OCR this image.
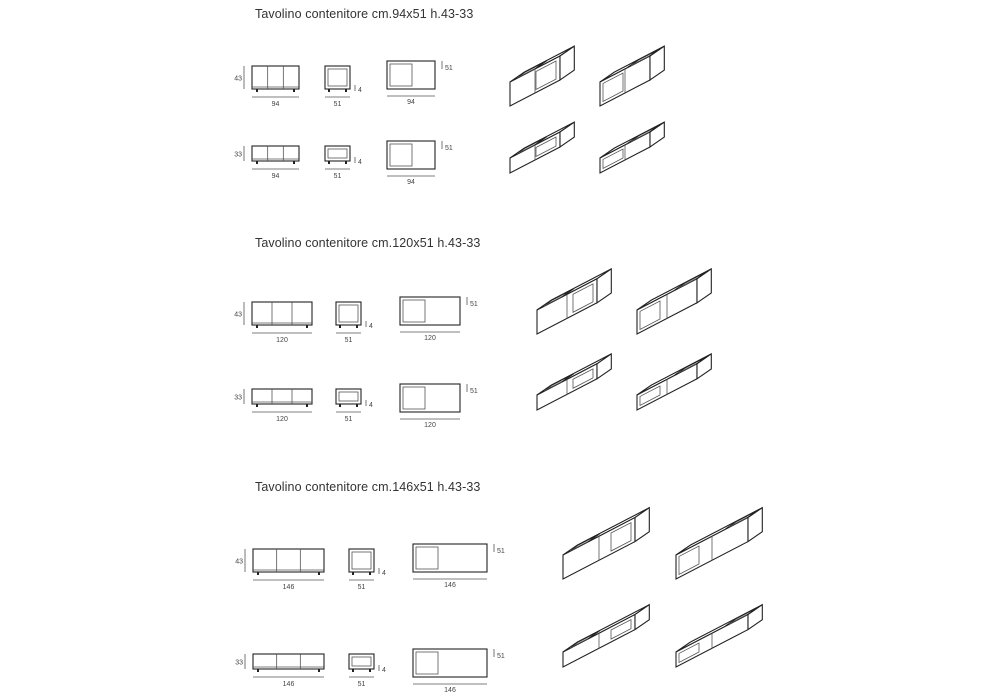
Tavolino contenitore cm.94x51 h.43-33
Tavolino contenitore cm.120x51 h.43-33
Tavolino contenitore cm.146x51 h.43-33
43
94
4
51
51
94
33
94
4
51
51
94
43
120
4
51
51
120
33
120
4
51
51
120
43
146
4
51
51
146
33
146
4
51
51
146
